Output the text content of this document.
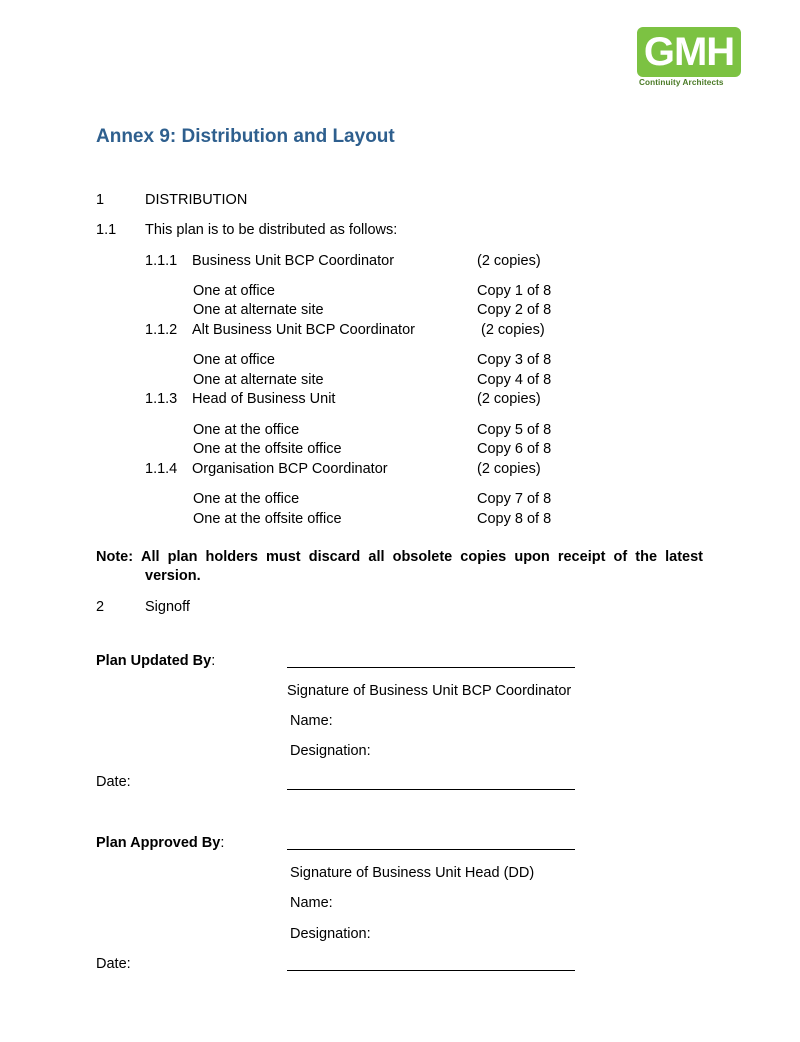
GMH
Continuity Architects
Annex 9: Distribution and Layout
1	DISTRIBUTION
1.1 This plan is to be distributed as follows:
1.1.1 Business Unit BCP Coordinator	(2 copies)
One at office	Copy 1 of 8
One at alternate site	Copy 2 of 8
1.1.2 Alt Business Unit BCP Coordinator	(2 copies)
One at office	Copy 3 of 8
One at alternate site	Copy 4 of 8
1.1.3 Head of Business Unit	(2 copies)
One at the office	Copy 5 of 8
One at the offsite office	Copy 6 of 8
1.1.4 Organisation BCP Coordinator	(2 copies)
One at the office	Copy 7 of 8
One at the offsite office	Copy 8 of 8
Note: All plan holders must discard all obsolete copies upon receipt of the latest version.
2	Signoff
Plan Updated By:
Signature of Business Unit BCP Coordinator
Name:
Designation:
Date:
Plan Approved By:
Signature of Business Unit Head (DD)
Name:
Designation:
Date:
